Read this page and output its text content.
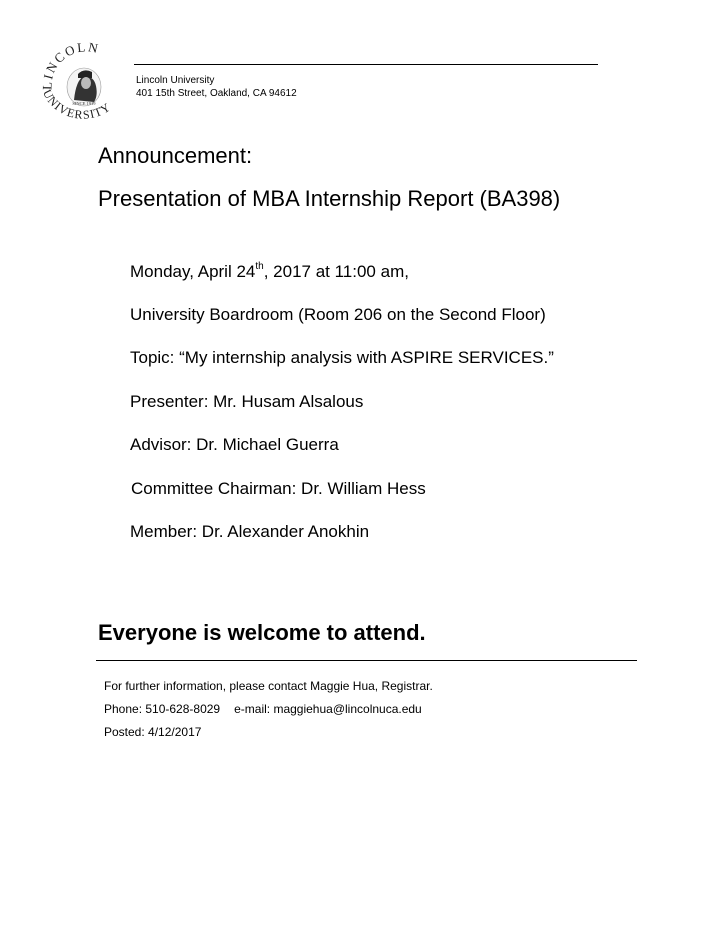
LINCOLN
UNIVERSITY
SINCE 1919
Lincoln University
401 15th Street, Oakland, CA 94612
Announcement:
Presentation of MBA Internship Report (BA398)
Monday, April 24th, 2017 at 11:00 am,
University Boardroom (Room 206 on the Second Floor)
Topic: “My internship analysis with ASPIRE SERVICES.”
Presenter: Mr. Husam Alsalous
Advisor: Dr. Michael Guerra
Committee Chairman: Dr. William Hess
Member: Dr. Alexander Anokhin
Everyone is welcome to attend.
For further information, please contact Maggie Hua, Registrar.
Phone: 510-628-8029 e-mail: maggiehua@lincolnuca.edu
Posted: 4/12/2017
